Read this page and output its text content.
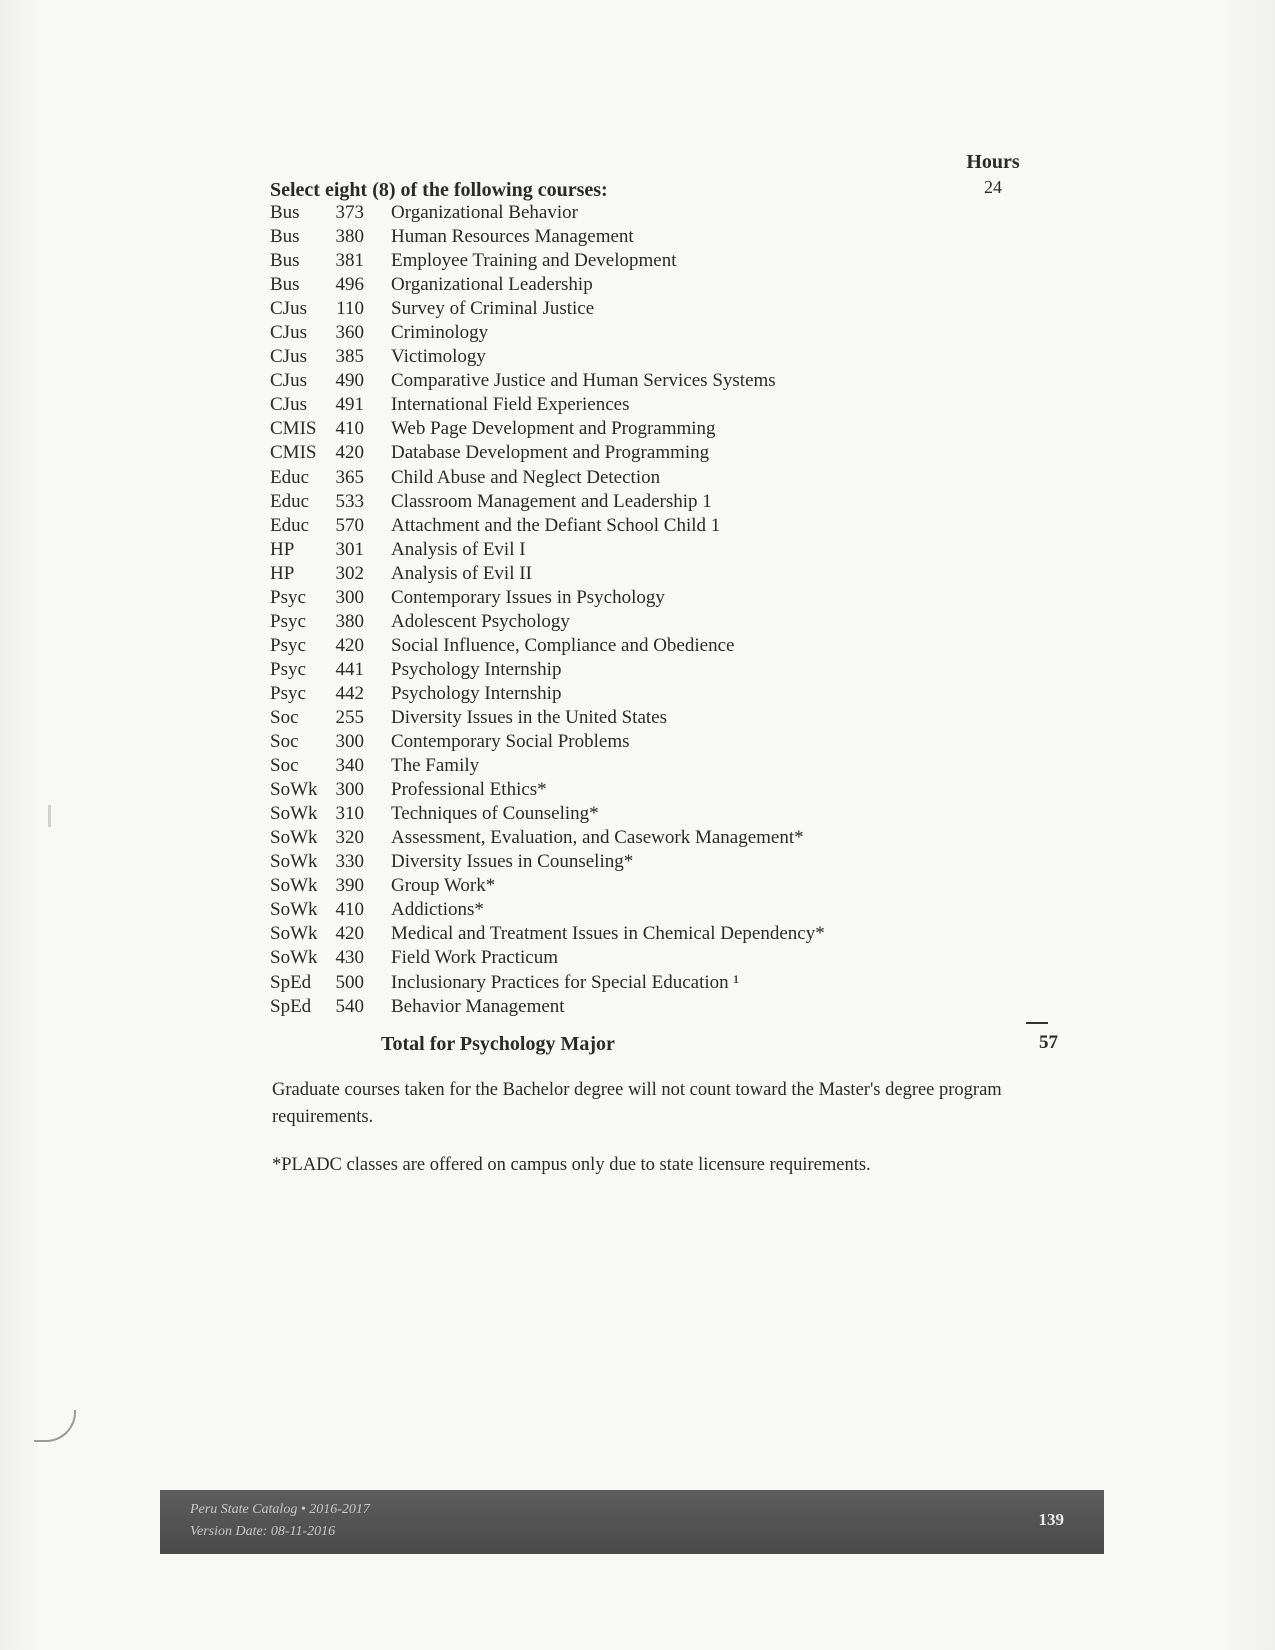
Hours
24
Select eight (8) of the following courses:
Bus	373	Organizational Behavior
Bus	380	Human Resources Management
Bus	381	Employee Training and Development
Bus	496	Organizational Leadership
CJus	110	Survey of Criminal Justice
CJus	360	Criminology
CJus	385	Victimology
CJus	490	Comparative Justice and Human Services Systems
CJus	491	International Field Experiences
CMIS	410	Web Page Development and Programming
CMIS	420	Database Development and Programming
Educ	365	Child Abuse and Neglect Detection
Educ	533	Classroom Management and Leadership 1
Educ	570	Attachment and the Defiant School Child 1
HP	301	Analysis of Evil I
HP	302	Analysis of Evil II
Psyc	300	Contemporary Issues in Psychology
Psyc	380	Adolescent Psychology
Psyc	420	Social Influence, Compliance and Obedience
Psyc	441	Psychology Internship
Psyc	442	Psychology Internship
Soc	255	Diversity Issues in the United States
Soc	300	Contemporary Social Problems
Soc	340	The Family
SoWk 300	Professional Ethics*
SoWk 310	Techniques of Counseling*
SoWk 320	Assessment, Evaluation, and Casework Management*
SoWk 330	Diversity Issues in Counseling*
SoWk 390	Group Work*
SoWk 410	Addictions*
SoWk 420	Medical and Treatment Issues in Chemical Dependency*
SoWk 430	Field Work Practicum
SpEd	500	Inclusionary Practices for Special Education ¹
SpEd	540	Behavior Management
Total for Psychology Major	57
Graduate courses taken for the Bachelor degree will not count toward the Master's degree program requirements.
*PLADC classes are offered on campus only due to state licensure requirements.
Peru State Catalog • 2016-2017
Version Date: 08-11-2016
139
